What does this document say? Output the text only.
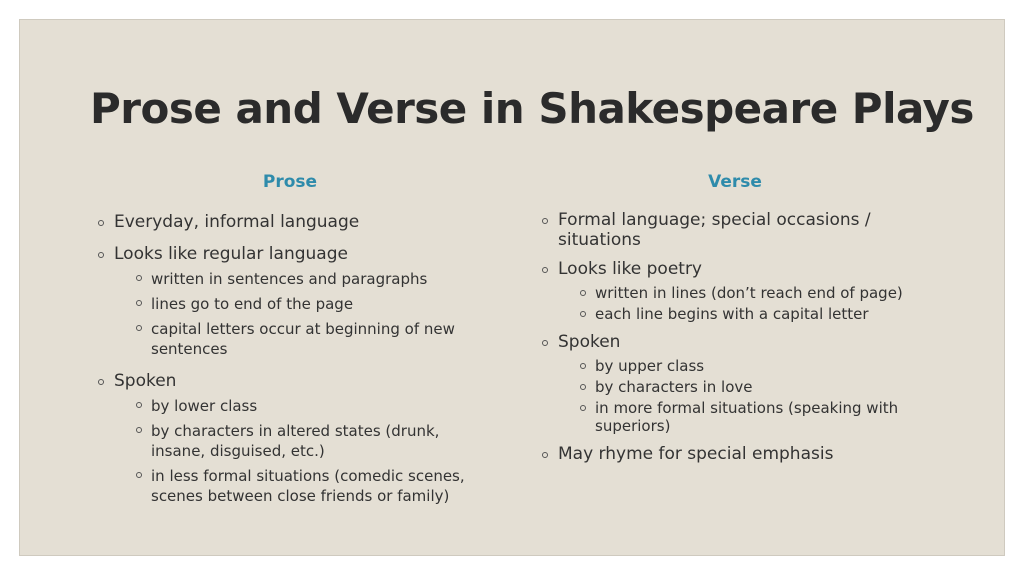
Prose and Verse in Shakespeare Plays
Prose	Verse
Everyday, informal language
Looks like regular language
written in sentences and paragraphs
lines go to end of the page
capital letters occur at beginning of new sentences
Spoken
by lower class
by characters in altered states (drunk, insane, disguised, etc.)
in less formal situations (comedic scenes, scenes between close friends or family)
Formal language; special occasions / situations
Looks like poetry
written in lines (don’t reach end of page)
each line begins with a capital letter
Spoken
by upper class
by characters in love
in more formal situations (speaking with superiors)
May rhyme for special emphasis
